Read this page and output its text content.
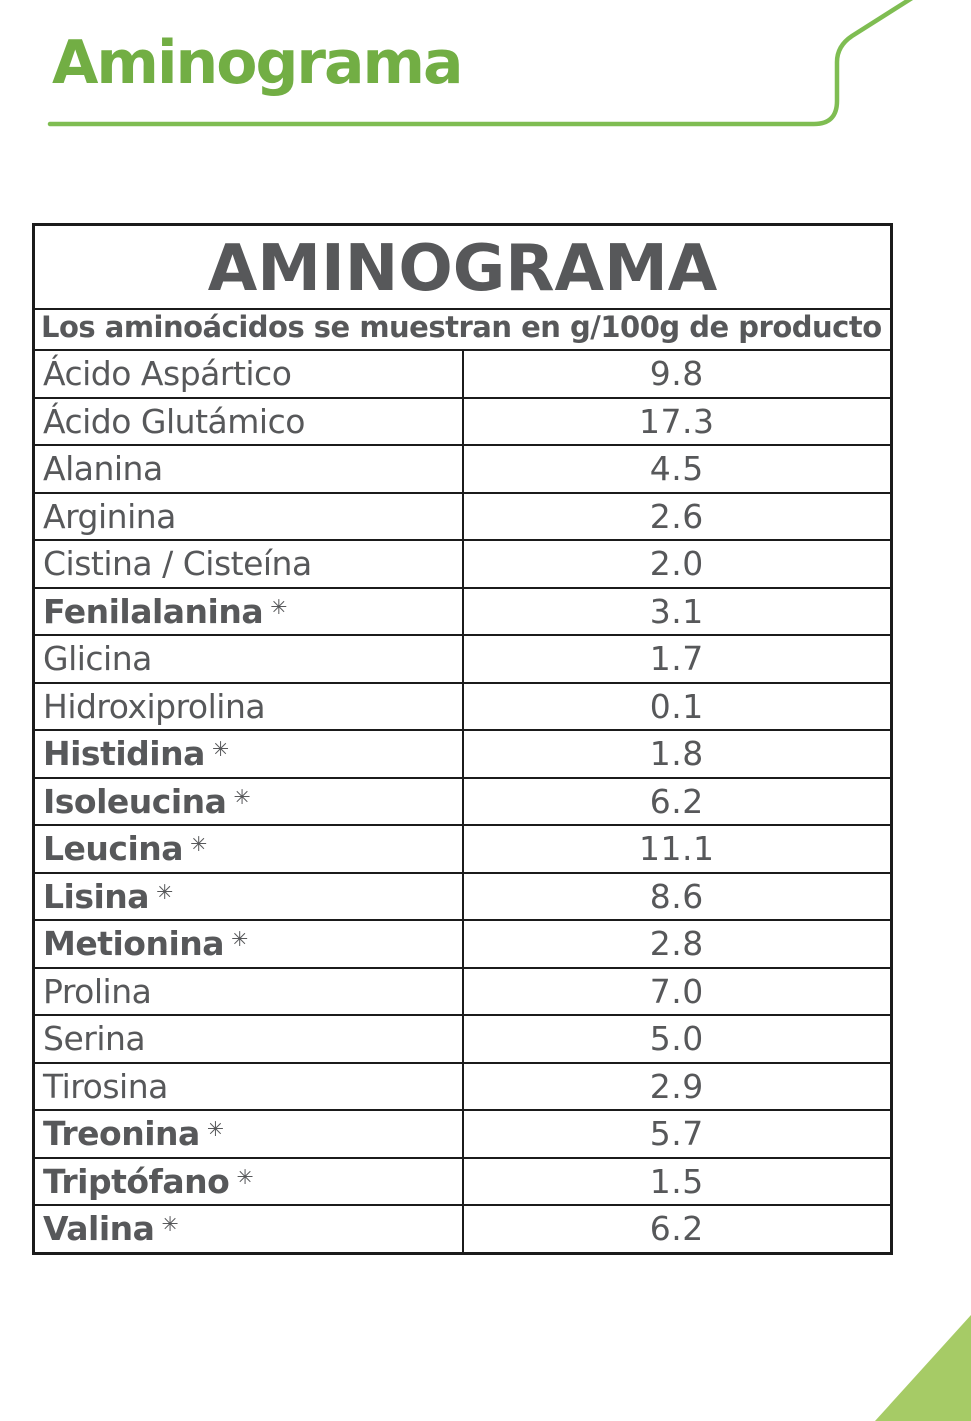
Aminograma
AMINOGRAMA	
Los aminoácidos se muestran en g/100g de producto	
Ácido Aspártico	9.8
Ácido Glutámico	17.3
Alanina	4.5
Arginina	2.6
Cistina / Cisteína	2.0
Fenilalanina ✳	3.1
Glicina	1.7
Hidroxiprolina	0.1
Histidina ✳	1.8
Isoleucina ✳	6.2
Leucina ✳	11.1
Lisina ✳	8.6
Metionina ✳	2.8
Prolina	7.0
Serina	5.0
Tirosina	2.9
Treonina ✳	5.7
Triptófano ✳	1.5
Valina ✳	6.2
